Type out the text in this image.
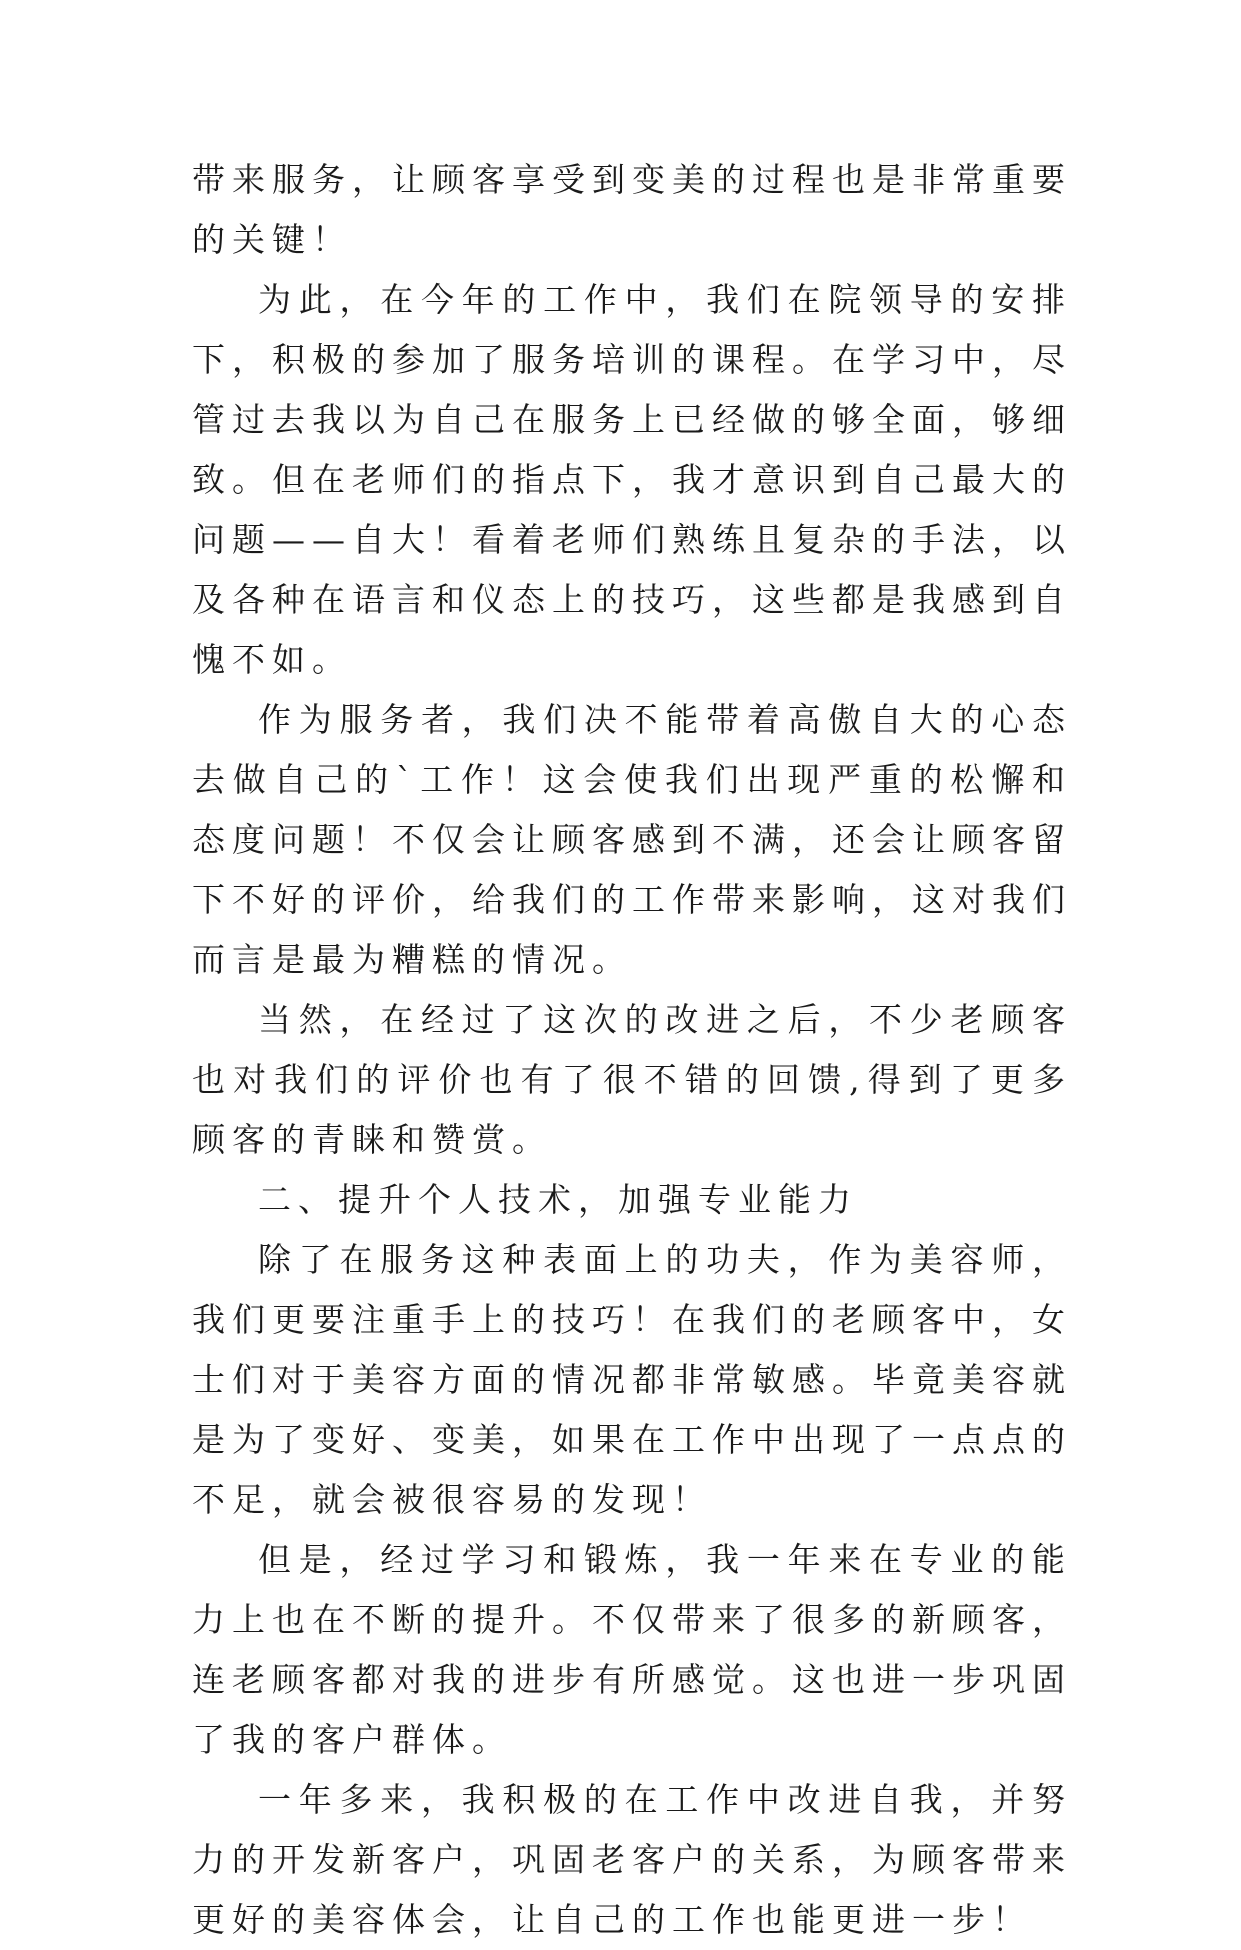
带来服务，让顾客享受到变美的过程也是非常重要的关键！

为此，在今年的工作中，我们在院领导的安排下，积极的参加了服务培训的课程。在学习中，尽管过去我以为自己在服务上已经做的够全面，够细致。但在老师们的指点下，我才意识到自己最大的问题——自大！看着老师们熟练且复杂的手法，以及各种在语言和仪态上的技巧，这些都是我感到自愧不如。

作为服务者，我们决不能带着高傲自大的心态去做自己的`工作！这会使我们出现严重的松懈和态度问题！不仅会让顾客感到不满，还会让顾客留下不好的评价，给我们的工作带来影响，这对我们而言是最为糟糕的情况。

当然，在经过了这次的改进之后，不少老顾客也对我们的评价也有了很不错的回馈,得到了更多顾客的青睐和赞赏。

二、提升个人技术，加强专业能力

除了在服务这种表面上的功夫，作为美容师，我们更要注重手上的技巧！在我们的老顾客中，女士们对于美容方面的情况都非常敏感。毕竟美容就是为了变好、变美，如果在工作中出现了一点点的不足，就会被很容易的发现！

但是，经过学习和锻炼，我一年来在专业的能力上也在不断的提升。不仅带来了很多的新顾客，连老顾客都对我的进步有所感觉。这也进一步巩固了我的客户群体。

一年多来，我积极的在工作中改进自我，并努力的开发新客户，巩固老客户的关系，为顾客带来更好的美容体会，让自己的工作也能更进一步！
